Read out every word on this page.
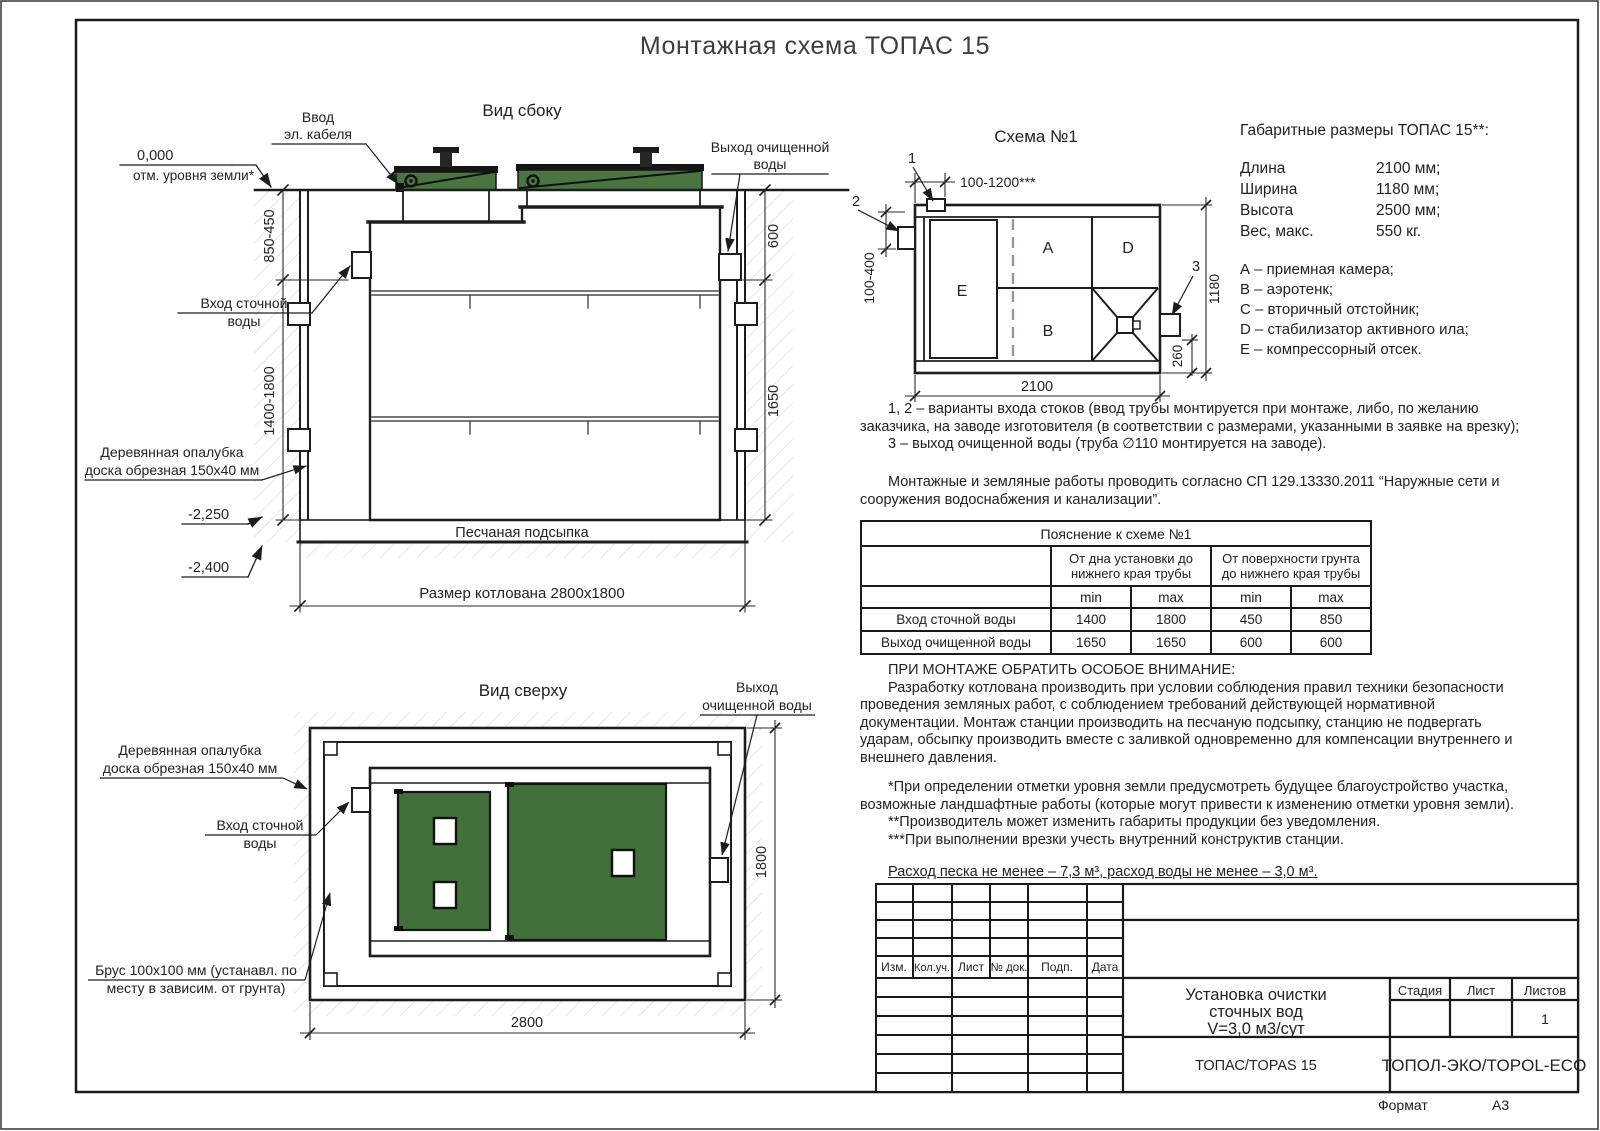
Вид сбоку
Песчаная подсыпка
850-450
1400-1800
600
1650
Размер котлована 2800х1800
0,000
отм. уровня земли*
-2,250
-2,400
Ввод
эл. кабеля
Выход очищенной
воды
Вход сточной
воды
Деревянная опалубка
доска обрезная 150х40 мм
Схема №1
A	D
B
E
1
2
3
100-1200***
100-400	1180
260
2100
Вид сверху	Выход
очищенной воды
Деревянная опалубка
доска обрезная 150х40 мм
Вход сточной
воды
Брус 100х100 мм (устанавл. по
месту в зависим. от грунта)
1800
2800
Изм. Кол.уч. Лист № док. Подп. Дата
Установка очистки
сточных вод
V=3,0 м3/сут
Стадия Лист Листов
1
ТОПАС/TOPAS 15	ТОПОЛ-ЭКО/TOPOL-ECO
Монтажная схема ТОПАС 15
Габаритные размеры ТОПАС 15**:
Длина	2100 мм;
Ширина	1180 мм;
Высота	2500 мм;
Вес, макс.	550 кг.
А – приемная камера;
В – аэротенк;
С – вторичный отстойник;
D – стабилизатор активного ила;
Е – компрессорный отсек.
1, 2 – варианты входа стоков (ввод трубы монтируется при монтаже, либо, по желанию заказчика, на заводе изготовителя (в соответствии с размерами, указанными в заявке на врезку);
3 – выход очищенной воды (труба ∅110 монтируется на заводе).
Монтажные и земляные работы проводить согласно СП 129.13330.2011 “Наружные сети и сооружения водоснабжения и канализации”.
Пояснение к схеме №1				
	От дна установки до нижнего края трубы		От поверхности грунта до нижнего края трубы	
	min	max	min	max
Вход сточной воды	1400	1800	450	850
Выход очищенной воды	1650	1650	600	600
ПРИ МОНТАЖЕ ОБРАТИТЬ ОСОБОЕ ВНИМАНИЕ:
Разработку котлована производить при условии соблюдения правил техники безопасности проведения земляных работ, с соблюдением требований действующей нормативной документации. Монтаж станции производить на песчаную подсыпку, станцию не подвергать ударам, обсыпку производить вместе с заливкой одновременно для компенсации внутреннего и внешнего давления.
*При определении отметки уровня земли предусмотреть будущее благоустройство участка, возможные ландшафтные работы (которые могут привести к изменению отметки уровня земли).
**Производитель может изменить габариты продукции без уведомления.
***При выполнении врезки учесть внутренний конструктив станции.
Расход песка не менее – 7,3 м³, расход воды не менее – 3,0 м³.
Формат	А3
